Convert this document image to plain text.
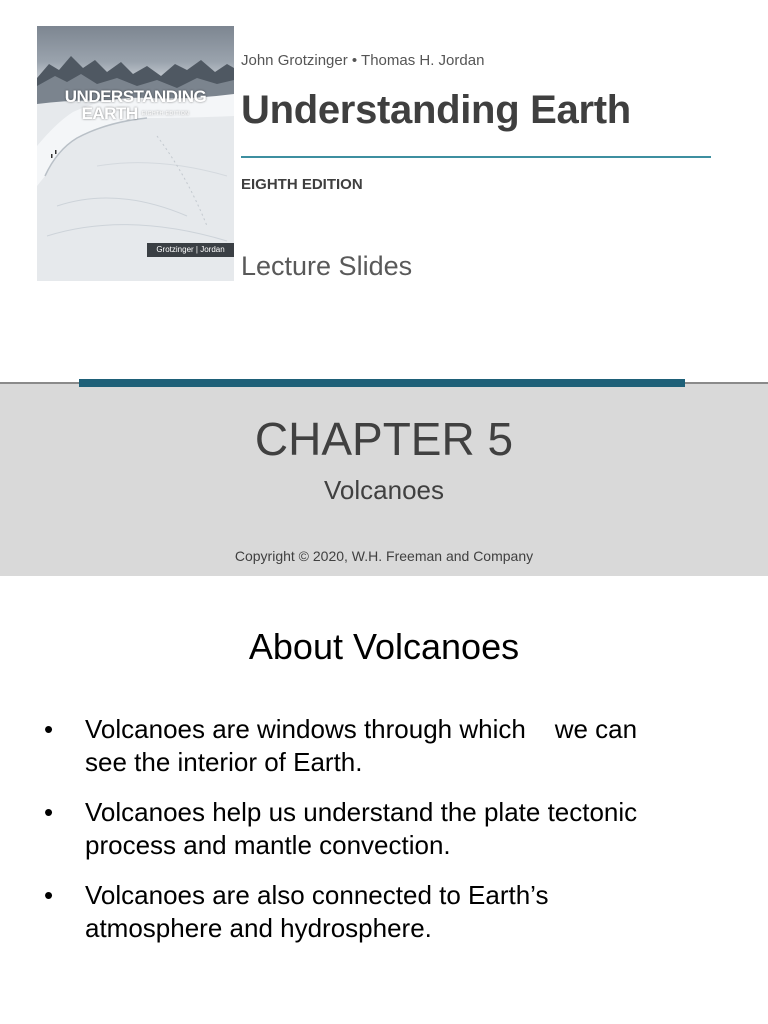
UNDERSTANDING
EARTH EIGHTH EDITION
Grotzinger | Jordan
John Grotzinger • Thomas H. Jordan
Understanding Earth
EIGHTH EDITION
Lecture Slides
CHAPTER 5
Volcanoes
Copyright © 2020, W.H. Freeman and Company
About Volcanoes
• Volcanoes are windows through which    we can see the interior of Earth.
• Volcanoes help us understand the plate tectonic process and mantle convection.
• Volcanoes are also connected to Earth’s atmosphere and hydrosphere.
